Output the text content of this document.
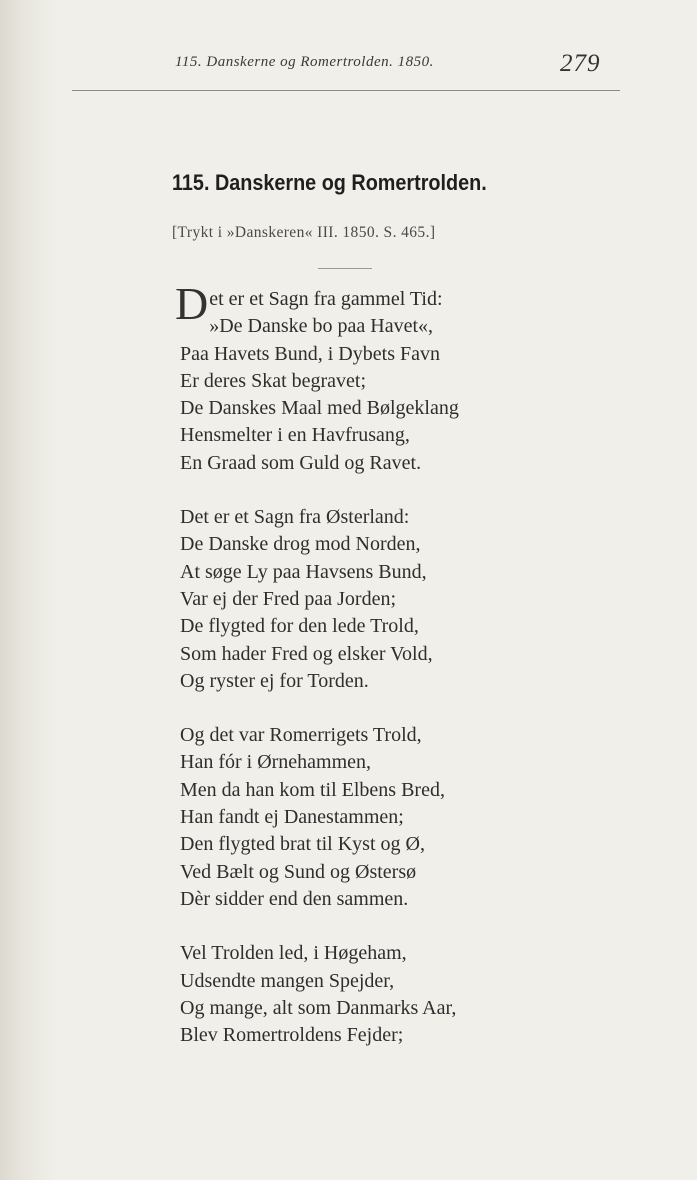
115. Danskerne og Romertrolden. 1850.	279
115. Danskerne og Romertrolden.
[Trykt i »Danskeren« III. 1850. S. 465.]
Det er et Sagn fra gammel Tid:
»De Danske bo paa Havet«,
Paa Havets Bund, i Dybets Favn
Er deres Skat begravet;
De Danskes Maal med Bølgeklang
Hensmelter i en Havfrusang,
En Graad som Guld og Ravet.
Det er et Sagn fra Østerland:
De Danske drog mod Norden,
At søge Ly paa Havsens Bund,
Var ej der Fred paa Jorden;
De flygted for den lede Trold,
Som hader Fred og elsker Vold,
Og ryster ej for Torden.
Og det var Romerrigets Trold,
Han fór i Ørnehammen,
Men da han kom til Elbens Bred,
Han fandt ej Danestammen;
Den flygted brat til Kyst og Ø,
Ved Bælt og Sund og Østersø
Dèr sidder end den sammen.
Vel Trolden led, i Høgeham,
Udsendte mangen Spejder,
Og mange, alt som Danmarks Aar,
Blev Romertroldens Fejder;
